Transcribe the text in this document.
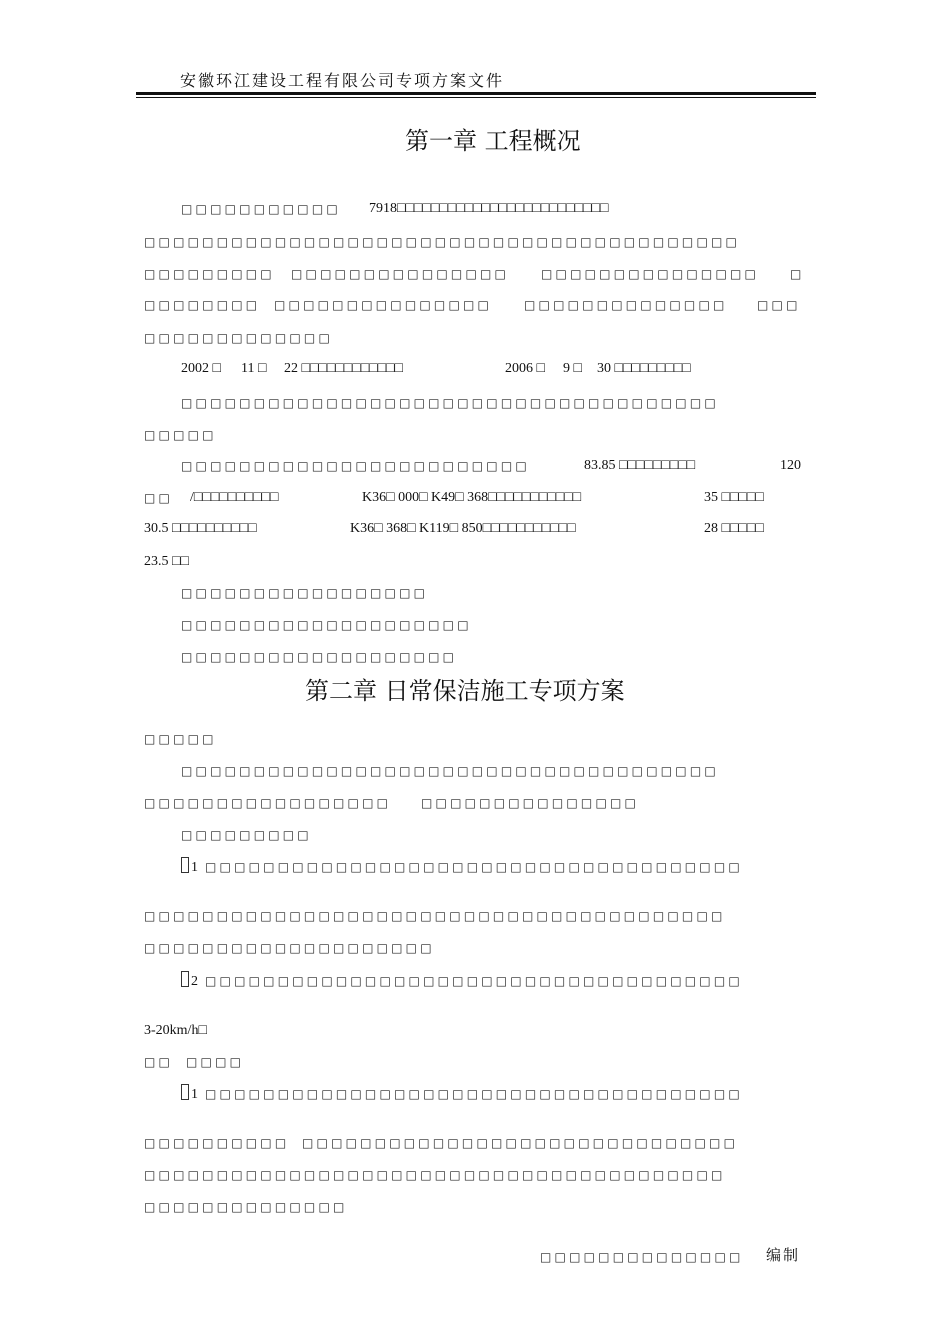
安徽环江建设工程有限公司专项方案文件
第一章 工程概况
□□□□□□□□□□□ 7918□□□□□□□□□□□□□□□□□□□□□□□□□
□□□□□□□□□□□□□□□□□□□□□□□□□□□□□□□□□□□□□□□□□
□□□□□□□□□ □□□□□□□□□□□□□□□	□□□□□□□□□□□□□□□	□
□□□□□□□□ □□□□□□□□□□□□□□□	□□□□□□□□□□□□□□ □□□
□□□□□□□□□□□□□
2002 □ 11 □ 22 □□□□□□□□□□□□	2006 □ 9 □ 30 □□□□□□□□□
□□□□□□□□□□□□□□□□□□□□□□□□□□□□□□□□□□□□□
□□□□□
□□□□□□□□□□□□□□□□□□□□□□□□	83.85 □□□□□□□□□	120
□□ /□□□□□□□□□□	K36□ 000□ K49□ 368□□□□□□□□□□□	35 □□□□□
30.5 □□□□□□□□□□	K36□ 368□ K119□ 850□□□□□□□□□□□	28 □□□□□
23.5 □□
□□□□□□□□□□□□□□□□□
□□□□□□□□□□□□□□□□□□□□
□□□□□□□□□□□□□□□□□□□
第二章 日常保洁施工专项方案
□□□□□
□□□□□□□□□□□□□□□□□□□□□□□□□□□□□□□□□□□□□
□□□□□□□□□□□□□□□□□ □□□□□□□□□□□□□□□
□□□□□□□□□
1 □□□□□□□□□□□□□□□□□□□□□□□□□□□□□□□□□□□□□
□□□□□□□□□□□□□□□□□□□□□□□□□□□□□□□□□□□□□□□□
□□□□□□□□□□□□□□□□□□□□
2 □□□□□□□□□□□□□□□□□□□□□□□□□□□□□□□□□□□□□
3-20km/h□
□□ □□□□
1 □□□□□□□□□□□□□□□□□□□□□□□□□□□□□□□□□□□□□
□□□□□□□□□□ □□□□□□□□□□□□□□□□□□□□□□□□□□□□□□
□□□□□□□□□□□□□□□□□□□□□□□□□□□□□□□□□□□□□□□□
□□□□□□□□□□□□□□
□□□□□□□□□□□□□□ 编制
